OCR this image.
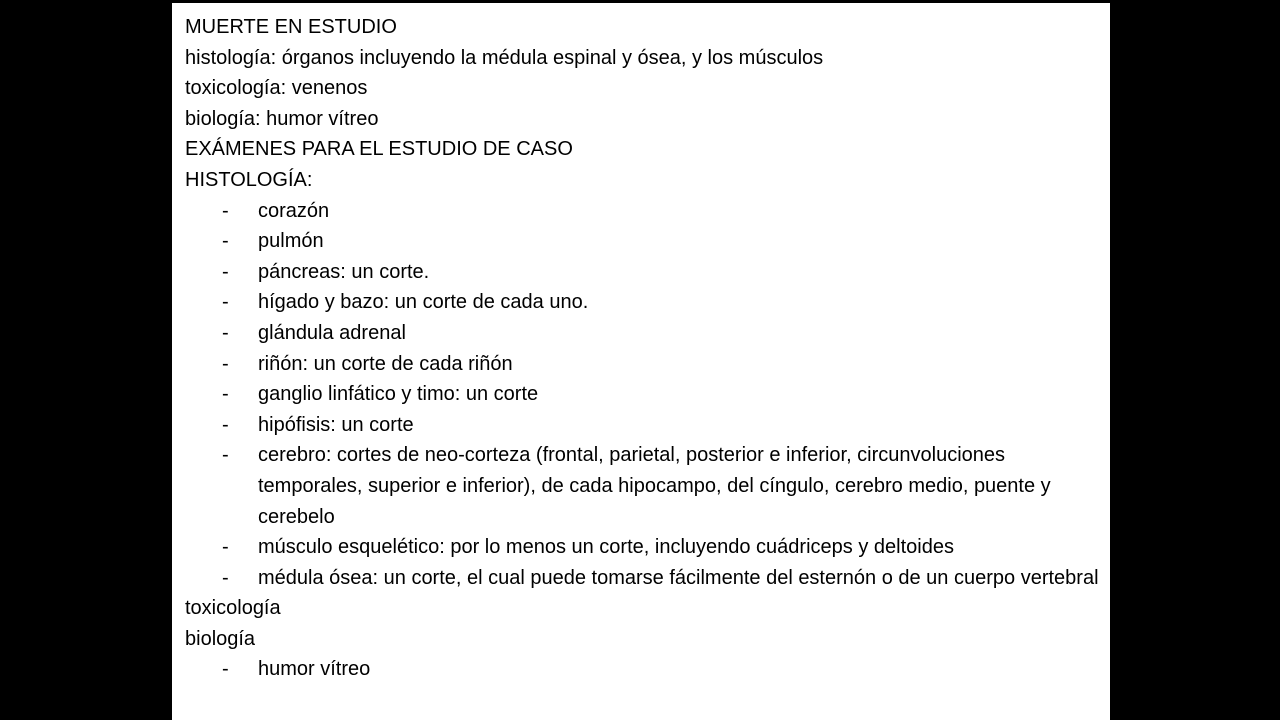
MUERTE EN ESTUDIO

histología: órganos incluyendo la médula espinal y ósea, y los músculos

toxicología: venenos

biología: humor vítreo

EXÁMENES PARA EL ESTUDIO DE CASO

HISTOLOGÍA:

- corazón
- pulmón
- páncreas: un corte.
- hígado y bazo: un corte de cada uno.
- glándula adrenal
- riñón: un corte de cada riñón
- ganglio linfático y timo: un corte
- hipófisis: un corte
- cerebro: cortes de neo-corteza (frontal, parietal, posterior e inferior, circunvoluciones temporales, superior e inferior), de cada hipocampo, del cíngulo, cerebro medio, puente y cerebelo
- músculo esquelético: por lo menos un corte, incluyendo cuádriceps y deltoides
- médula ósea: un corte, el cual puede tomarse fácilmente del esternón o de un cuerpo vertebral

toxicología

biología

- humor vítreo
